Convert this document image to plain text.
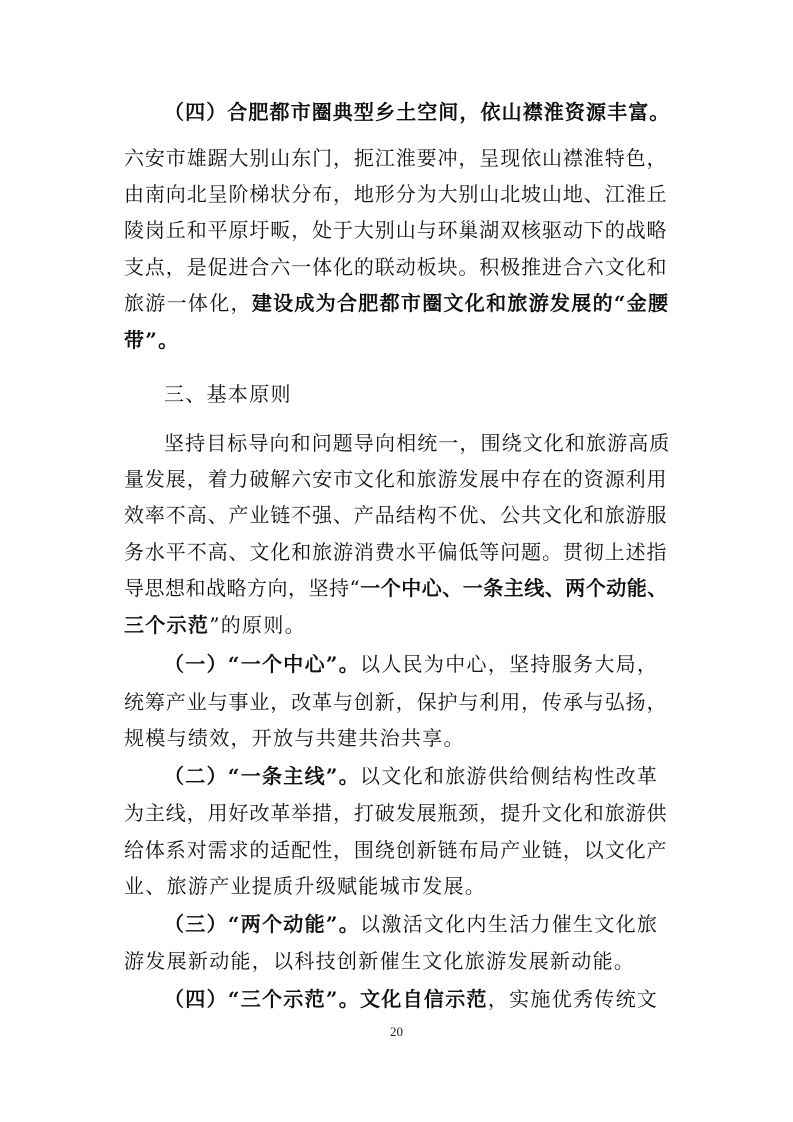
（四）合肥都市圈典型乡土空间，依山襟淮资源丰富。
六安市雄踞大别山东门，扼江淮要冲，呈现依山襟淮特色，
由南向北呈阶梯状分布，地形分为大别山北坡山地、江淮丘
陵岗丘和平原圩畈，处于大别山与环巢湖双核驱动下的战略
支点，是促进合六一体化的联动板块。积极推进合六文化和
旅游一体化，建设成为合肥都市圈文化和旅游发展的“金腰
带”。
三、基本原则
坚持目标导向和问题导向相统一，围绕文化和旅游高质
量发展，着力破解六安市文化和旅游发展中存在的资源利用
效率不高、产业链不强、产品结构不优、公共文化和旅游服
务水平不高、文化和旅游消费水平偏低等问题。贯彻上述指
导思想和战略方向，坚持“一个中心、一条主线、两个动能、
三个示范”的原则。
（一）“一个中心”。以人民为中心，坚持服务大局，
统筹产业与事业，改革与创新，保护与利用，传承与弘扬，
规模与绩效，开放与共建共治共享。
（二）“一条主线”。以文化和旅游供给侧结构性改革
为主线，用好改革举措，打破发展瓶颈，提升文化和旅游供
给体系对需求的适配性，围绕创新链布局产业链，以文化产
业、旅游产业提质升级赋能城市发展。
（三）“两个动能”。以激活文化内生活力催生文化旅
游发展新动能，以科技创新催生文化旅游发展新动能。
（四）“三个示范”。文化自信示范，实施优秀传统文
20
